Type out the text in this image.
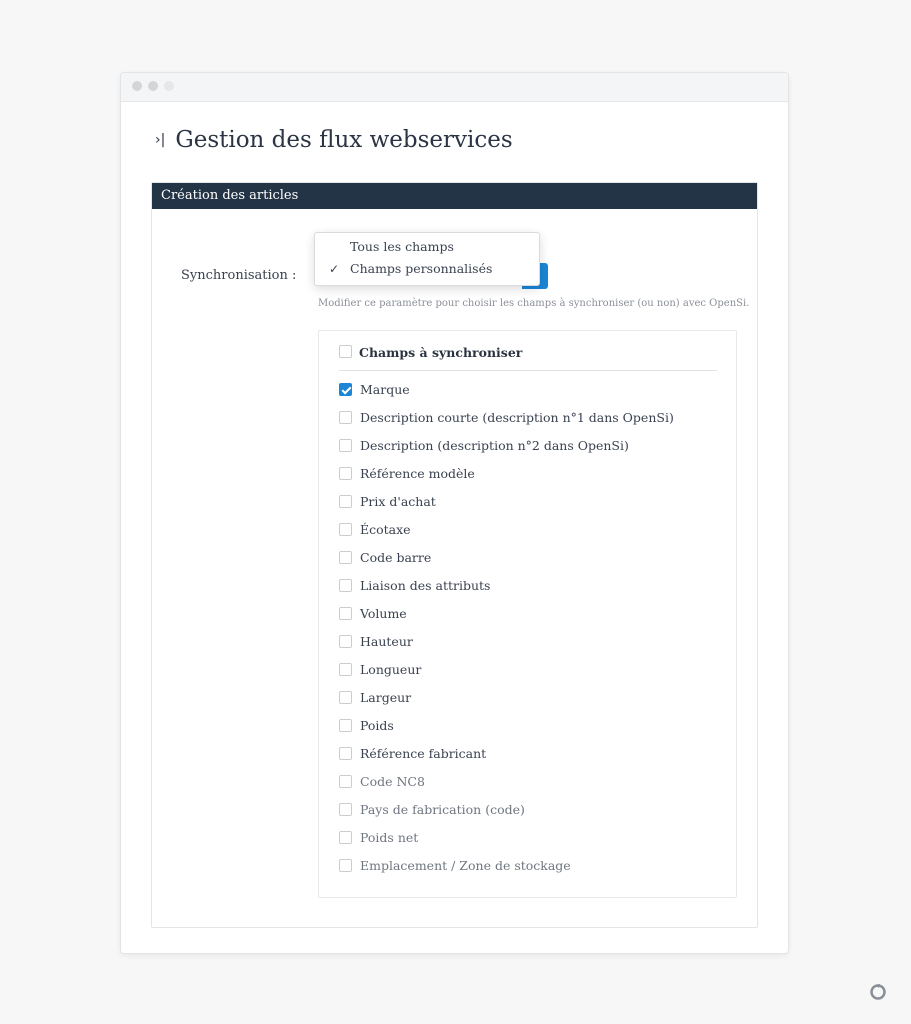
›| Gestion des flux webservices
Création des articles
Synchronisation :
Tous les champs
✓ Champs personnalisés
Modifier ce paramètre pour choisir les champs à synchroniser (ou non) avec OpenSi.
Champs à synchroniser
Marque
Description courte (description n°1 dans OpenSi)
Description (description n°2 dans OpenSi)
Référence modèle
Prix d'achat
Écotaxe
Code barre
Liaison des attributs
Volume
Hauteur
Longueur
Largeur
Poids
Référence fabricant
Code NC8
Pays de fabrication (code)
Poids net
Emplacement / Zone de stockage
